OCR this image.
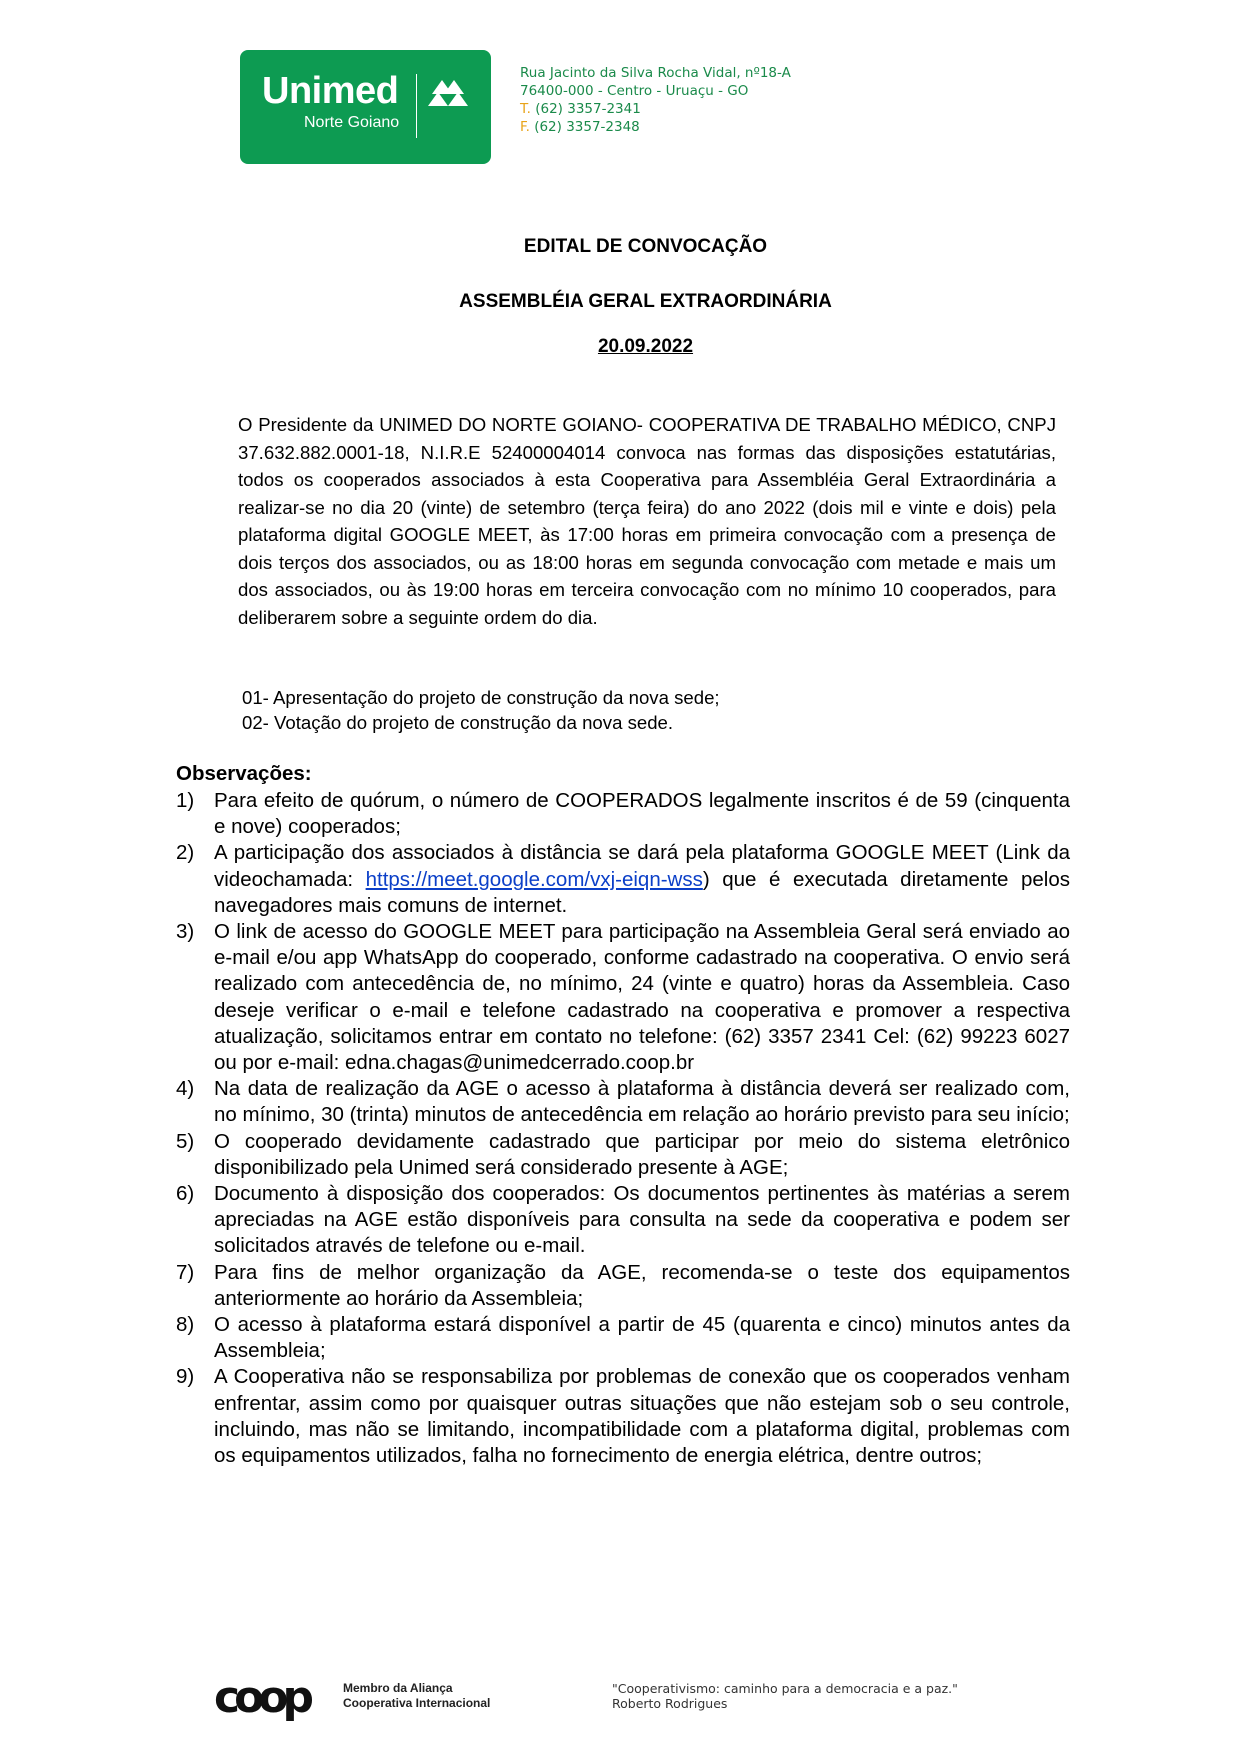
Unimed
Norte Goiano
Rua Jacinto da Silva Rocha Vidal, nº18-A
76400-000 - Centro - Uruaçu - GO
T. (62) 3357-2341
F. (62) 3357-2348
EDITAL DE CONVOCAÇÃO
ASSEMBLÉIA GERAL EXTRAORDINÁRIA
20.09.2022
O Presidente da UNIMED DO NORTE GOIANO- COOPERATIVA DE TRABALHO MÉDICO, CNPJ 37.632.882.0001-18, N.I.R.E 52400004014 convoca nas formas das disposições estatutárias, todos os cooperados associados à esta Cooperativa para Assembléia Geral Extraordinária a realizar-se no dia 20 (vinte) de setembro (terça feira) do ano 2022 (dois mil e vinte e dois) pela plataforma digital GOOGLE MEET, às 17:00 horas em primeira convocação com a presença de dois terços dos associados, ou as 18:00 horas em segunda convocação com metade e mais um dos associados, ou às 19:00 horas em terceira convocação com no mínimo 10 cooperados, para deliberarem sobre a seguinte ordem do dia.
01- Apresentação do projeto de construção da nova sede;
02- Votação do projeto de construção da nova sede.
Observações:
1) Para efeito de quórum, o número de COOPERADOS legalmente inscritos é de 59 (cinquenta e nove) cooperados;
2) A participação dos associados à distância se dará pela plataforma GOOGLE MEET (Link da videochamada: https://meet.google.com/vxj-eiqn-wss) que é executada diretamente pelos navegadores mais comuns de internet.
3) O link de acesso do GOOGLE MEET para participação na Assembleia Geral será enviado ao e-mail e/ou app WhatsApp do cooperado, conforme cadastrado na cooperativa. O envio será realizado com antecedência de, no mínimo, 24 (vinte e quatro) horas da Assembleia. Caso deseje verificar o e-mail e telefone cadastrado na cooperativa e promover a respectiva atualização, solicitamos entrar em contato no telefone: (62) 3357 2341 Cel: (62) 99223 6027 ou por e-mail: edna.chagas@unimedcerrado.coop.br
4) Na data de realização da AGE o acesso à plataforma à distância deverá ser realizado com, no mínimo, 30 (trinta) minutos de antecedência em relação ao horário previsto para seu início;
5) O cooperado devidamente cadastrado que participar por meio do sistema eletrônico disponibilizado pela Unimed será considerado presente à AGE;
6) Documento à disposição dos cooperados: Os documentos pertinentes às matérias a serem apreciadas na AGE estão disponíveis para consulta na sede da cooperativa e podem ser solicitados através de telefone ou e-mail.
7) Para fins de melhor organização da AGE, recomenda-se o teste dos equipamentos anteriormente ao horário da Assembleia;
8) O acesso à plataforma estará disponível a partir de 45 (quarenta e cinco) minutos antes da Assembleia;
9) A Cooperativa não se responsabiliza por problemas de conexão que os cooperados venham enfrentar, assim como por quaisquer outras situações que não estejam sob o seu controle, incluindo, mas não se limitando, incompatibilidade com a plataforma digital, problemas com os equipamentos utilizados, falha no fornecimento de energia elétrica, dentre outros;
coop	Membro da Aliança
Cooperativa Internacional
"Cooperativismo: caminho para a democracia e a paz."
Roberto Rodrigues
